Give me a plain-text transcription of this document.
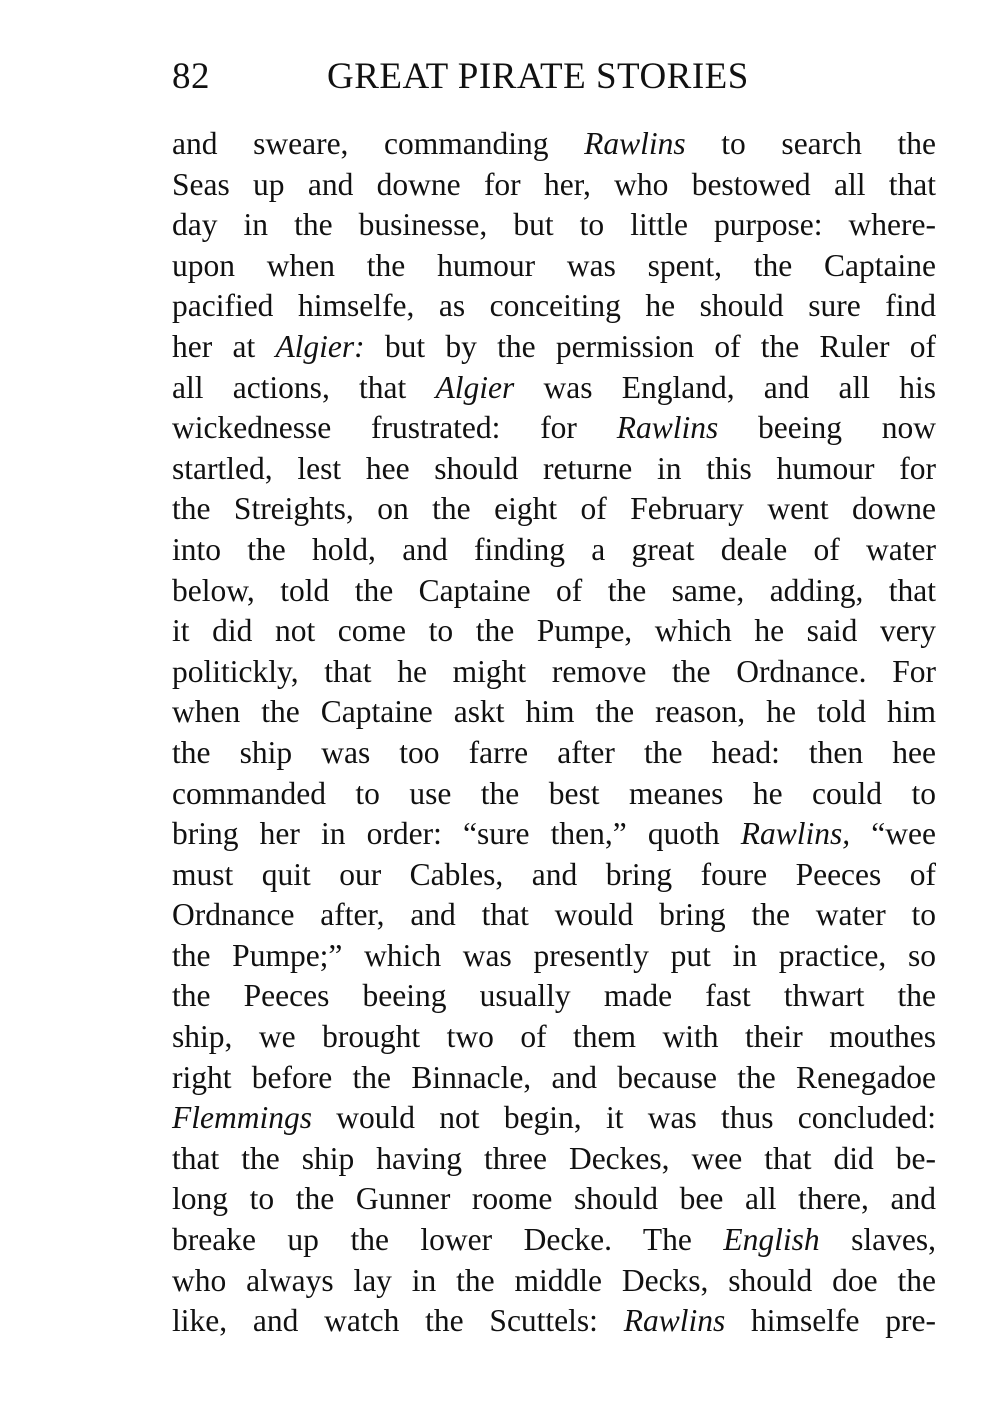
82	GREAT PIRATE STORIES
and sweare, commanding Rawlins to search the
Seas up and downe for her, who bestowed all that
day in the businesse, but to little purpose: where-
upon when the humour was spent, the Captaine
pacified himselfe, as conceiting he should sure find
her at Algier: but by the permission of the Ruler of
all actions, that Algier was England, and all his
wickednesse frustrated: for Rawlins beeing now
startled, lest hee should returne in this humour for
the Streights, on the eight of February went downe
into the hold, and finding a great deale of water
below, told the Captaine of the same, adding, that
it did not come to the Pumpe, which he said very
politickly, that he might remove the Ordnance. For
when the Captaine askt him the reason, he told him
the ship was too farre after the head: then hee
commanded to use the best meanes he could to
bring her in order: “sure then,” quoth Rawlins, “wee
must quit our Cables, and bring foure Peeces of
Ordnance after, and that would bring the water to
the Pumpe;” which was presently put in practice, so
the Peeces beeing usually made fast thwart the
ship, we brought two of them with their mouthes
right before the Binnacle, and because the Renegadoe
Flemmings would not begin, it was thus concluded:
that the ship having three Deckes, wee that did be-
long to the Gunner roome should bee all there, and
breake up the lower Decke. The English slaves,
who always lay in the middle Decks, should doe the
like, and watch the Scuttels: Rawlins himselfe pre-
